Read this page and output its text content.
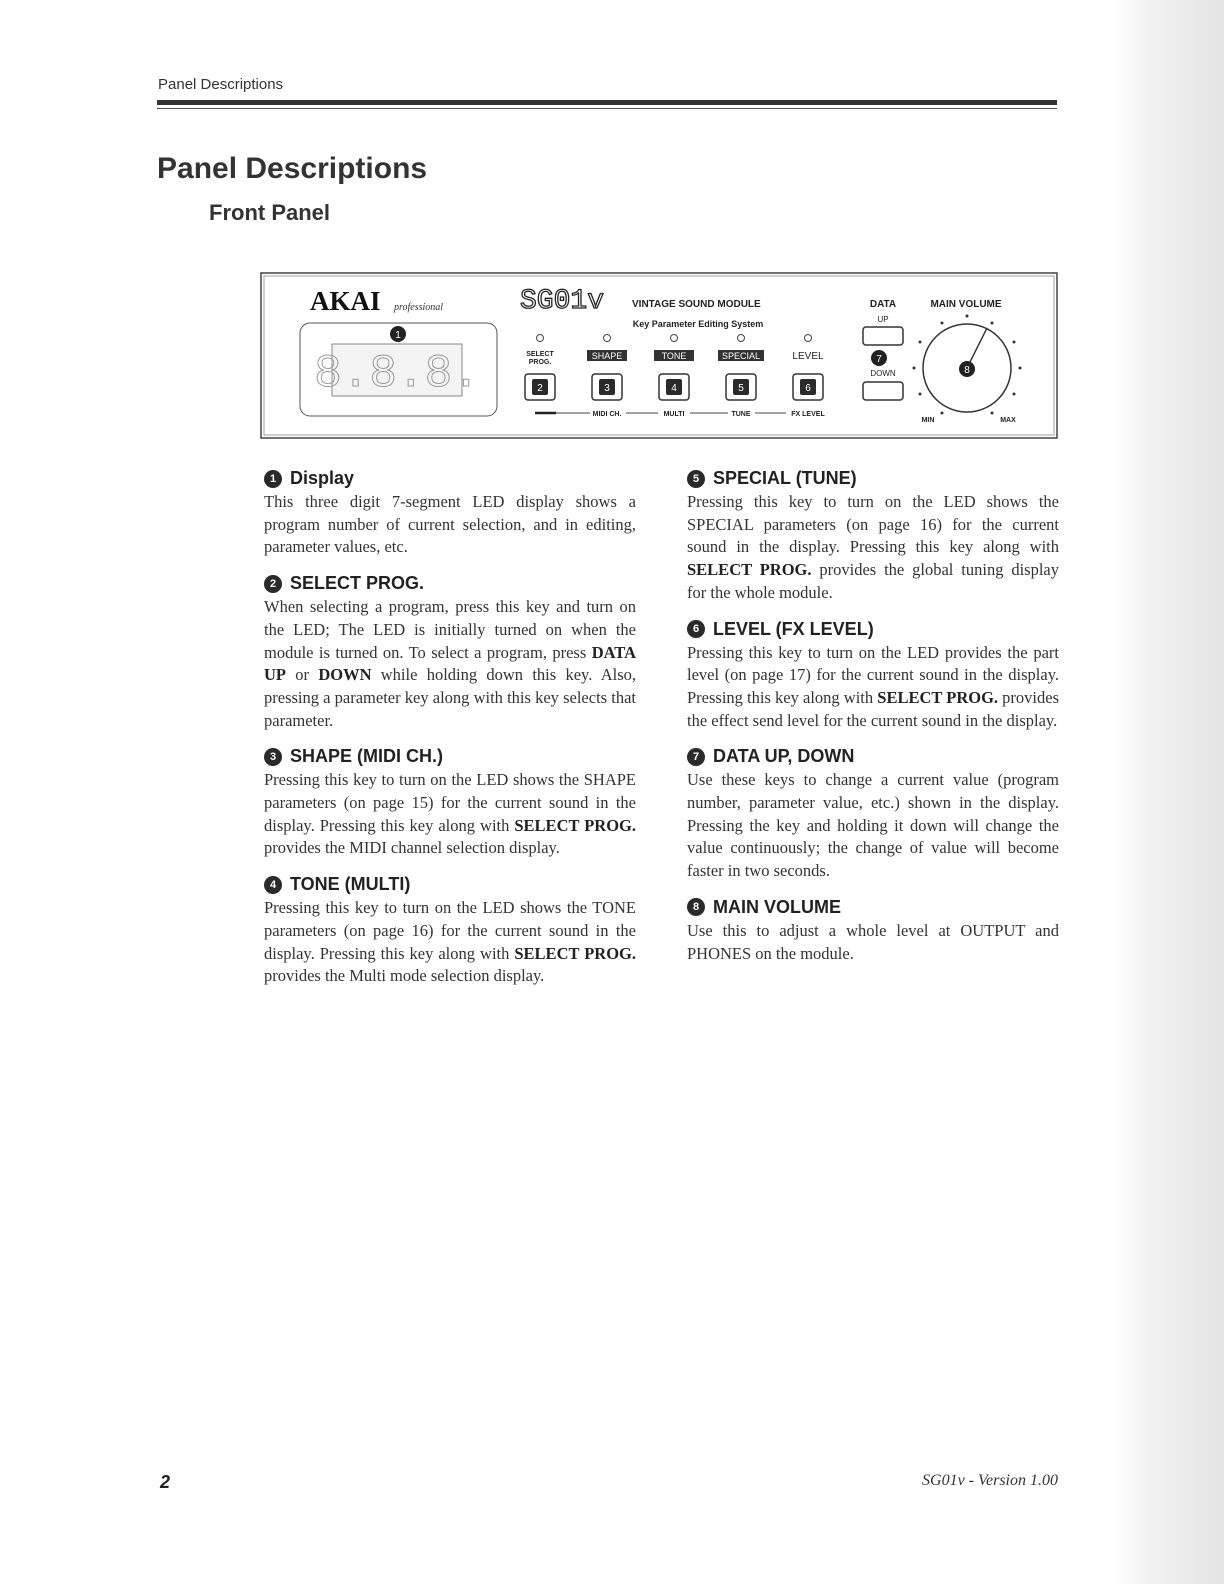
Panel Descriptions
Panel Descriptions
Front Panel
AKAI professional
1
8.8.8.
SG01v	VINTAGE SOUND MODULE
Key Parameter Editing System
SELECT
PROG.
2
SHAPE
3
TONE
4
SPECIAL
5
LEVEL
6
MIDI CH.	MULTI	TUNE	FX LEVEL
DATA
UP
7
DOWN
MAIN VOLUME
8
MIN	MAX
1 Display

This three digit 7-segment LED display shows a program number of current selection, and in editing, parameter values, etc.

2 SELECT PROG.

When selecting a program, press this key and turn on the LED; The LED is initially turned on when the module is turned on. To select a program, press DATA UP or DOWN while holding down this key. Also, pressing a parameter key along with this key selects that parameter.

3 SHAPE (MIDI CH.)

Pressing this key to turn on the LED shows the SHAPE parameters (on page 15) for the current sound in the display. Pressing this key along with SELECT PROG. provides the MIDI channel selection display.

4 TONE (MULTI)

Pressing this key to turn on the LED shows the TONE parameters (on page 16) for the current sound in the display. Pressing this key along with SELECT PROG. provides the Multi mode selection display.

5 SPECIAL (TUNE)

Pressing this key to turn on the LED shows the SPECIAL parameters (on page 16) for the current sound in the display. Pressing this key along with SELECT PROG. provides the global tuning display for the whole module.

6 LEVEL (FX LEVEL)

Pressing this key to turn on the LED provides the part level (on page 17) for the current sound in the display. Pressing this key along with SELECT PROG. provides the effect send level for the current sound in the display.

7 DATA UP, DOWN

Use these keys to change a current value (program number, parameter value, etc.) shown in the display. Pressing the key and holding it down will change the value continuously; the change of value will become faster in two seconds.

8 MAIN VOLUME

Use this to adjust a whole level at OUTPUT and PHONES on the module.

2	SG01v - Version 1.00
